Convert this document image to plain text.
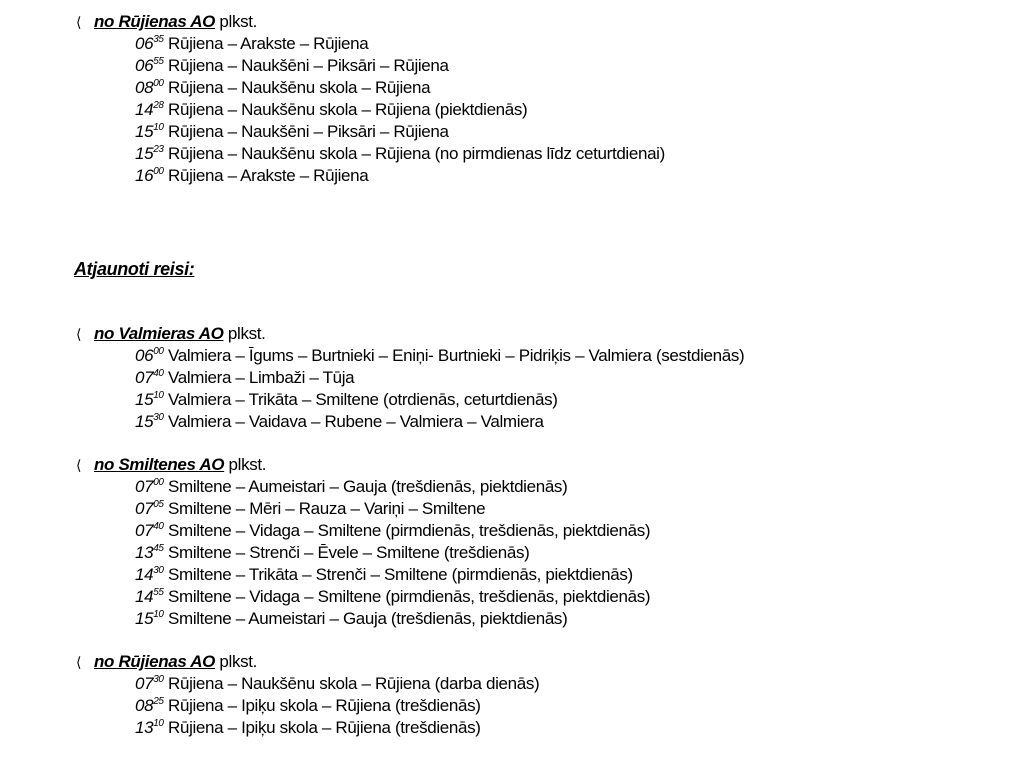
Atjaunoti reisi:
⟨ no Rūjienas AO plkst.
$06^{35}$ Rūjiena – Arakste – Rūjiena
$06^{55}$ Rūjiena – Naukšēni – Piksāri – Rūjiena
$08^{00}$ Rūjiena – Naukšēnu skola – Rūjiena
$14^{28}$ Rūjiena – Naukšēnu skola – Rūjiena (piektdienās)
$15^{10}$ Rūjiena – Naukšēni – Piksāri – Rūjiena
$15^{23}$ Rūjiena – Naukšēnu skola – Rūjiena (no pirmdienas līdz ceturtdienai)
$16^{00}$ Rūjiena – Arakste – Rūjiena
⟨ no Valmieras AO plkst.
$06^{00}$ Valmiera – Īgums – Burtnieki – Eniņi- Burtnieki – Pidriķis – Valmiera (sestdienās)
$07^{40}$ Valmiera – Limbaži – Tūja
$15^{10}$ Valmiera – Trikāta – Smiltene (otrdienās, ceturtdienās)
$15^{30}$ Valmiera – Vaidava – Rubene – Valmiera – Valmiera
⟨ no Smiltenes AO plkst.
$07^{00}$ Smiltene – Aumeistari – Gauja (trešdienās, piektdienās)
$07^{05}$ Smiltene – Mēri – Rauza – Variņi – Smiltene
$07^{40}$ Smiltene – Vidaga – Smiltene (pirmdienās, trešdienās, piektdienās)
$13^{45}$ Smiltene – Strenči – Ēvele – Smiltene (trešdienās)
$14^{30}$ Smiltene – Trikāta – Strenči – Smiltene (pirmdienās, piektdienās)
$14^{55}$ Smiltene – Vidaga – Smiltene (pirmdienās, trešdienās, piektdienās)
$15^{10}$ Smiltene – Aumeistari – Gauja (trešdienās, piektdienās)
⟨ no Rūjienas AO plkst.
$07^{30}$ Rūjiena – Naukšēnu skola – Rūjiena (darba dienās)
$08^{25}$ Rūjiena – Ipiķu skola – Rūjiena (trešdienās)
$13^{10}$ Rūjiena – Ipiķu skola – Rūjiena (trešdienās)
